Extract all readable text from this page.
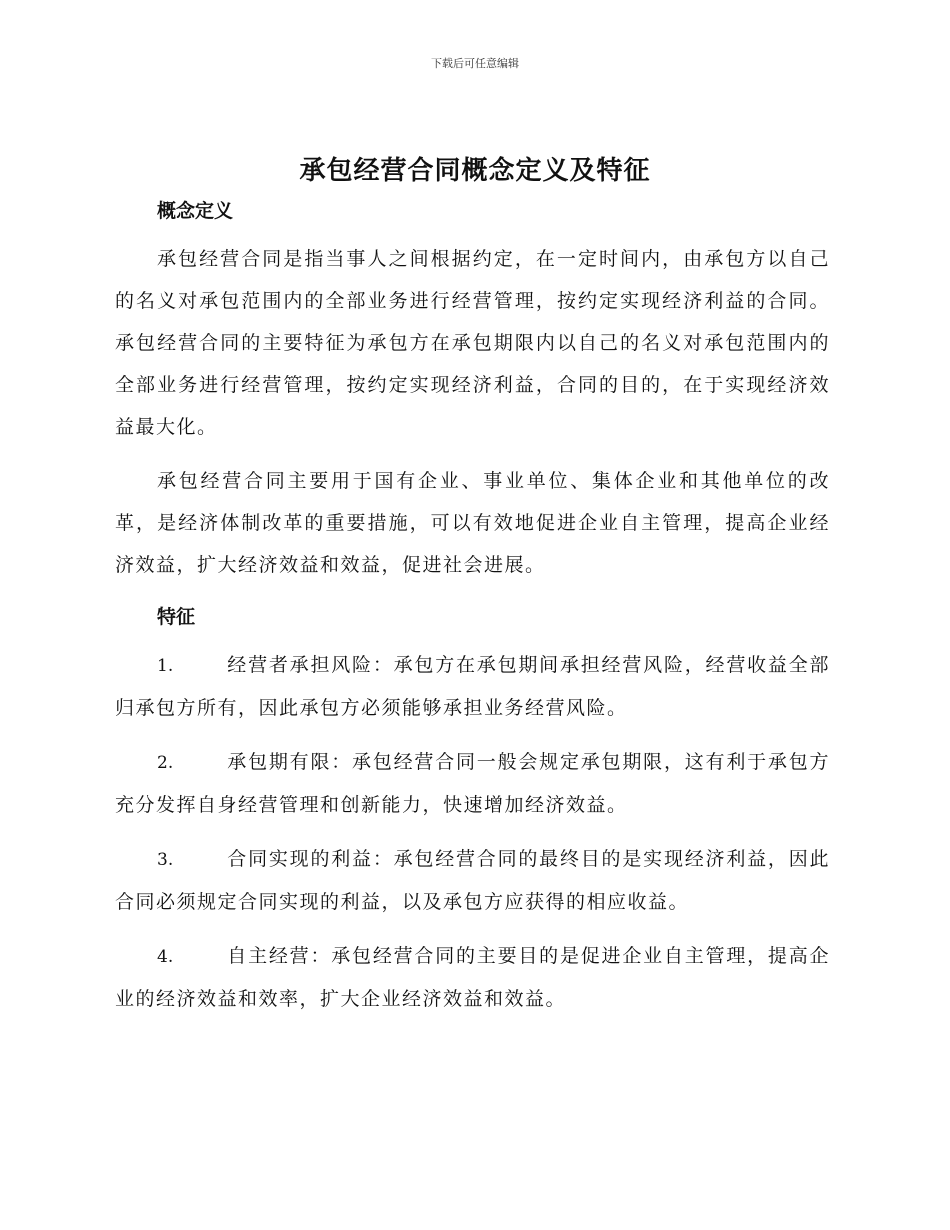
下载后可任意编辑
承包经营合同概念定义及特征

概念定义

承包经营合同是指当事人之间根据约定，在一定时间内，由承包方以自己的名义对承包范围内的全部业务进行经营管理，按约定实现经济利益的合同。承包经营合同的主要特征为承包方在承包期限内以自己的名义对承包范围内的全部业务进行经营管理，按约定实现经济利益，合同的目的，在于实现经济效益最大化。

承包经营合同主要用于国有企业、事业单位、集体企业和其他单位的改革，是经济体制改革的重要措施，可以有效地促进企业自主管理，提高企业经济效益，扩大经济效益和效益，促进社会进展。

特征

1.	经营者承担风险：承包方在承包期间承担经营风险，经营收益全部归承包方所有，因此承包方必须能够承担业务经营风险。

2.	承包期有限：承包经营合同一般会规定承包期限，这有利于承包方充分发挥自身经营管理和创新能力，快速增加经济效益。

3.	合同实现的利益：承包经营合同的最终目的是实现经济利益，因此合同必须规定合同实现的利益，以及承包方应获得的相应收益。

4.	自主经营：承包经营合同的主要目的是促进企业自主管理，提高企业的经济效益和效率，扩大企业经济效益和效益。
